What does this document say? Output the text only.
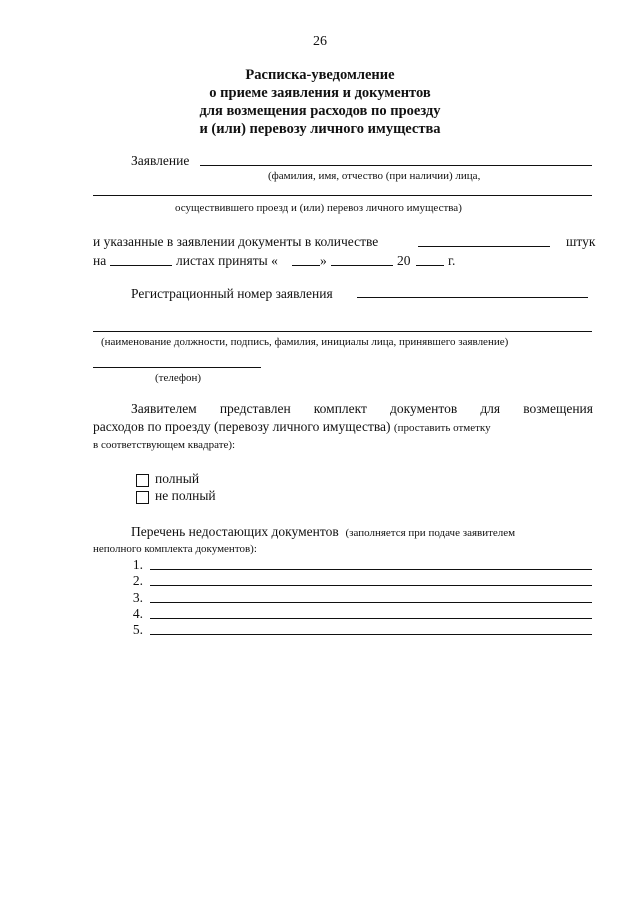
26
Расписка-уведомление
о приеме заявления и документов
для возмещения расходов по проезду
и (или) перевозу личного имущества
Заявление
(фамилия, имя, отчество (при наличии) лица,
осуществившего проезд и (или) перевоз личного имущества)
и указанные в заявлении документы в количестве	штук
на	листах приняты «	»	20	г.
Регистрационный номер заявления
(наименование должности, подпись, фамилия, инициалы лица, принявшего заявление)
(телефон)
Заявителем представлен комплект документов для возмещения
расходов по проезду (перевозу личного имущества) (проставить отметку
в соответствующем квадрате):
полный
не полный
Перечень недостающих документов (заполняется при подаче заявителем
неполного комплекта документов):
1.
2.
3.
4.
5.
